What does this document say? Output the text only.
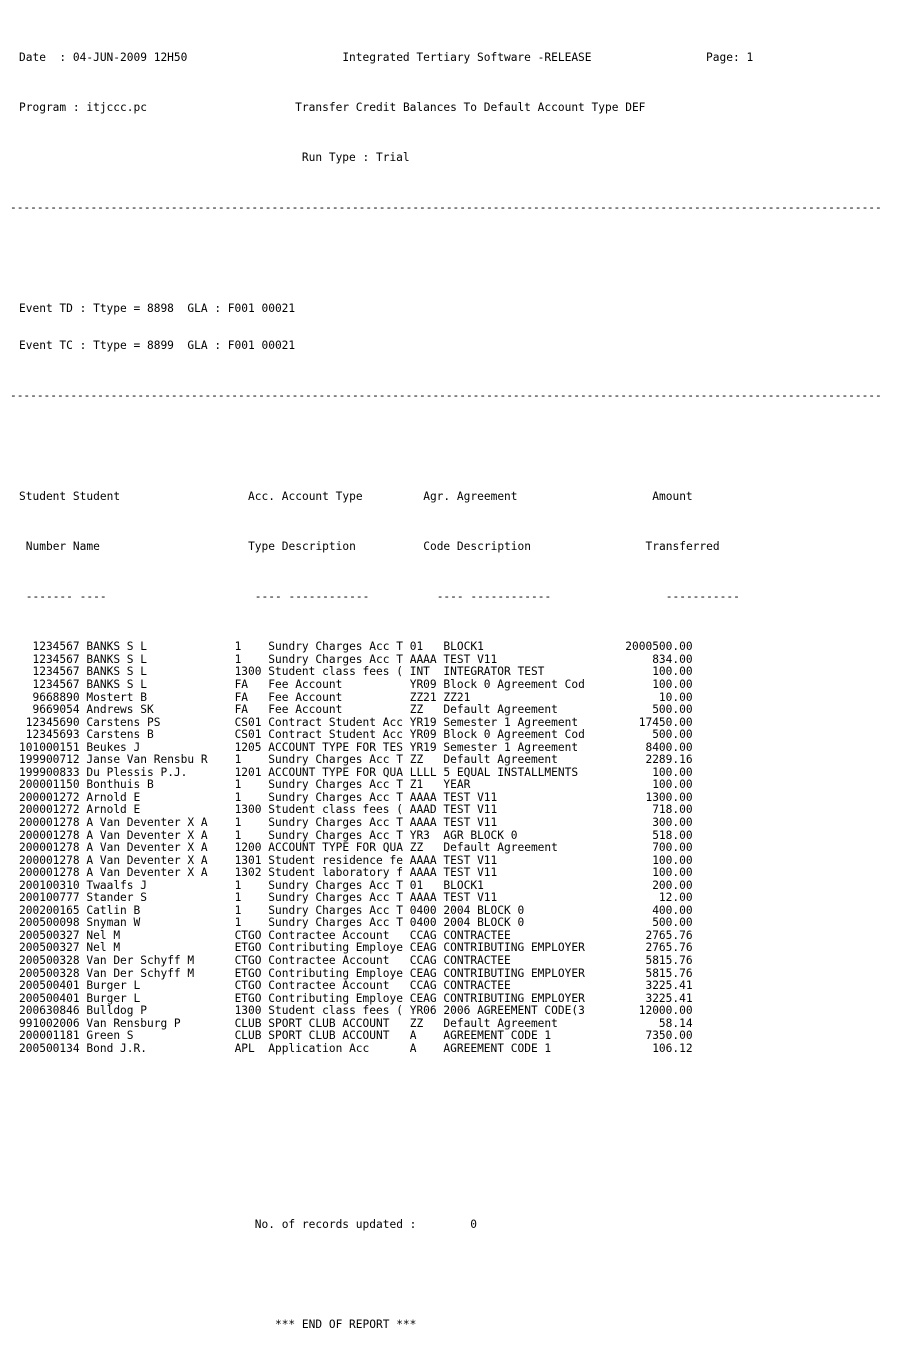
Date  : 04-JUN-2009 12H50	Integrated Tertiary Software -RELEASE	Page: 1

Program : itjccc.pc	Transfer Credit Balances To Default Account Type DEF

Run Type : Trial

----------------------------------------------------------------------------------------------------------------------------------

Event TD : Ttype = 8898  GLA : F001 00021

Event TC : Ttype = 8899  GLA : F001 00021

----------------------------------------------------------------------------------------------------------------------------------

Student Student	Acc. Account Type	Agr. Agreement	Amount

Number Name	Type Description	Code Description	Transferred

------- ----	---- ------------	---- ------------	-----------

1234567 BANKS S L             1    Sundry Charges Acc T 01   BLOCK1                     2000500.00
1234567 BANKS S L             1    Sundry Charges Acc T AAAA TEST V11                       834.00
1234567 BANKS S L             1300 Student class fees ( INT  INTEGRATOR TEST                100.00
1234567 BANKS S L             FA   Fee Account          YR09 Block 0 Agreement Cod          100.00
9668890 Mostert B             FA   Fee Account          ZZ21 ZZ21                            10.00
9669054 Andrews SK            FA   Fee Account          ZZ   Default Agreement              500.00
12345690 Carstens PS           CS01 Contract Student Acc YR19 Semester 1 Agreement         17450.00
12345693 Carstens B            CS01 Contract Student Acc YR09 Block 0 Agreement Cod          500.00
101000151 Beukes J              1205 ACCOUNT TYPE FOR TES YR19 Semester 1 Agreement          8400.00
199900712 Janse Van Rensbu R    1    Sundry Charges Acc T ZZ   Default Agreement             2289.16
199900833 Du Plessis P.J.       1201 ACCOUNT TYPE FOR QUA LLLL 5 EQUAL INSTALLMENTS           100.00
200001150 Bonthuis B            1    Sundry Charges Acc T Z1   YEAR                           100.00
200001272 Arnold E              1    Sundry Charges Acc T AAAA TEST V11                      1300.00
200001272 Arnold E              1300 Student class fees ( AAAD TEST V11                       718.00
200001278 A Van Deventer X A    1    Sundry Charges Acc T AAAA TEST V11                       300.00
200001278 A Van Deventer X A    1    Sundry Charges Acc T YR3  AGR BLOCK 0                    518.00
200001278 A Van Deventer X A    1200 ACCOUNT TYPE FOR QUA ZZ   Default Agreement              700.00
200001278 A Van Deventer X A    1301 Student residence fe AAAA TEST V11                       100.00
200001278 A Van Deventer X A    1302 Student laboratory f AAAA TEST V11                       100.00
200100310 Twaalfs J             1    Sundry Charges Acc T 01   BLOCK1                         200.00
200100777 Stander S             1    Sundry Charges Acc T AAAA TEST V11                        12.00
200200165 Catlin B              1    Sundry Charges Acc T 0400 2004 BLOCK 0                   400.00
200500098 Snyman W              1    Sundry Charges Acc T 0400 2004 BLOCK 0                   500.00
200500327 Nel M                 CTGO Contractee Account   CCAG CONTRACTEE                    2765.76
200500327 Nel M                 ETGO Contributing Employe CEAG CONTRIBUTING EMPLOYER         2765.76
200500328 Van Der Schyff M      CTGO Contractee Account   CCAG CONTRACTEE                    5815.76
200500328 Van Der Schyff M      ETGO Contributing Employe CEAG CONTRIBUTING EMPLOYER         5815.76
200500401 Burger L              CTGO Contractee Account   CCAG CONTRACTEE                    3225.41
200500401 Burger L              ETGO Contributing Employe CEAG CONTRIBUTING EMPLOYER         3225.41
200630846 Bulldog P             1300 Student class fees ( YR06 2006 AGREEMENT CODE(3        12000.00
991002006 Van Rensburg P        CLUB SPORT CLUB ACCOUNT   ZZ   Default Agreement               58.14
200001181 Green S               CLUB SPORT CLUB ACCOUNT   A    AGREEMENT CODE 1              7350.00
200500134 Bond J.R.             APL  Application Acc      A    AGREEMENT CODE 1               106.12

No. of records updated :	0

*** END OF REPORT ***
